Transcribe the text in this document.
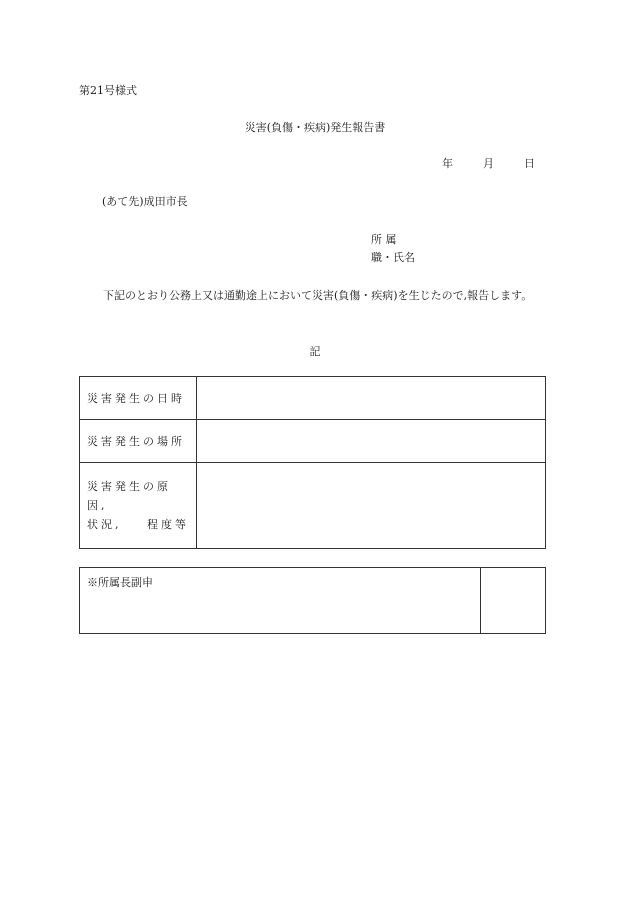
第21号様式
災害(負傷・疾病)発生報告書
年	月	日
(あて先)成田市長
所 属
職・氏名
下記のとおり公務上又は通勤途上において災害(負傷・疾病)を生じたので,報告します。
記
災害発生の日時	
災害発生の場所	

災害発生の原因,
状況, 程度等	

※所属長副申
